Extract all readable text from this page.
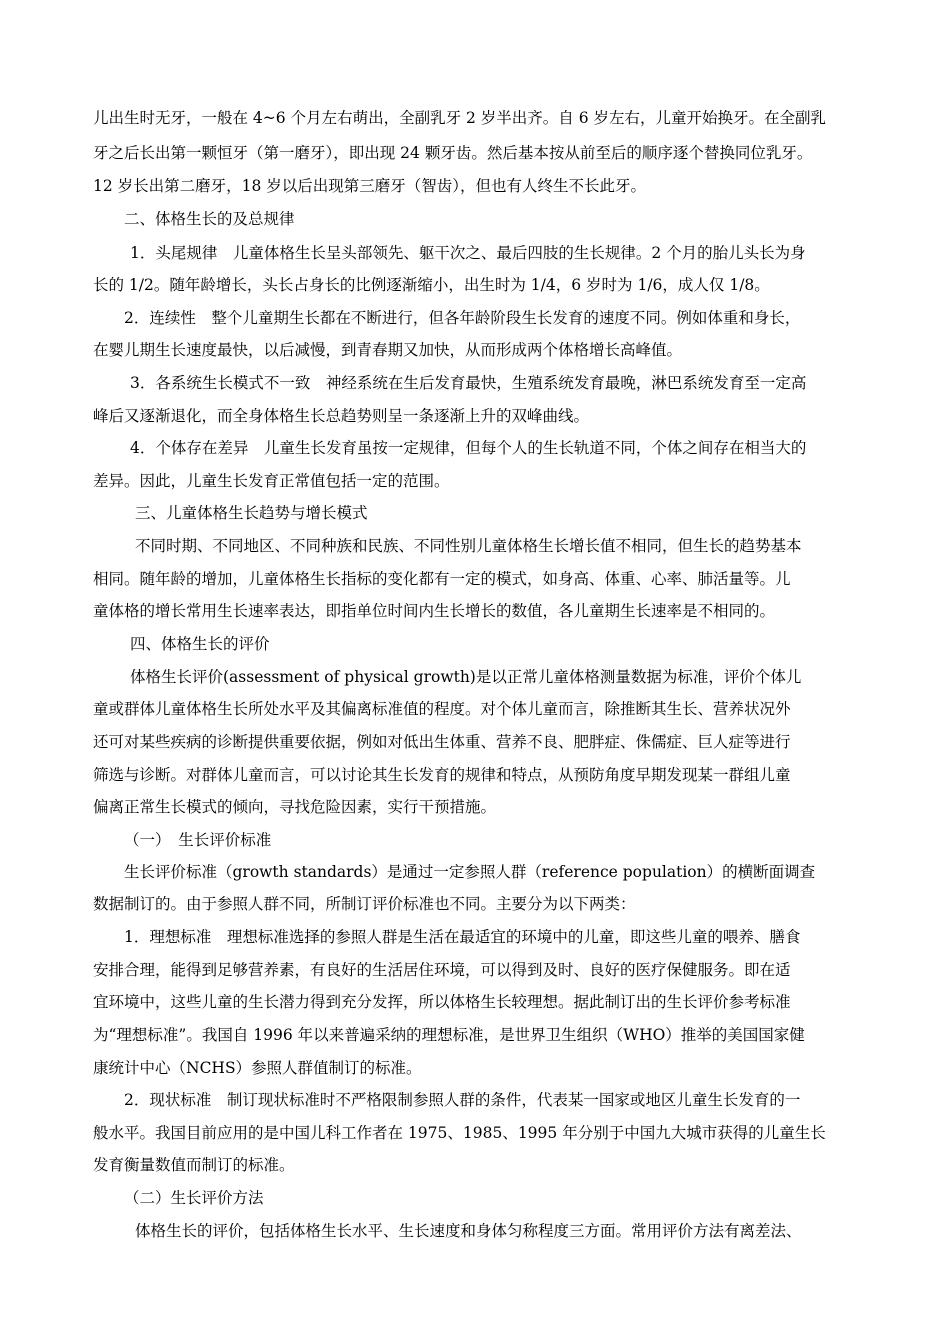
儿出生时无牙，一般在 4~6 个月左右萌出，全副乳牙 2 岁半出齐。自 6 岁左右，儿童开始换牙。在全副乳
牙之后长出第一颗恒牙（第一磨牙），即出现 24 颗牙齿。然后基本按从前至后的顺序逐个替换同位乳牙。
12 岁长出第二磨牙，18 岁以后出现第三磨牙（智齿），但也有人终生不长此牙。
二、体格生长的及总规律
1．头尾规律　儿童体格生长呈头部领先、躯干次之、最后四肢的生长规律。2 个月的胎儿头长为身
长的 1/2。随年龄增长，头长占身长的比例逐渐缩小，出生时为 1/4，6 岁时为 1/6，成人仅 1/8。
2．连续性　整个儿童期生长都在不断进行，但各年龄阶段生长发育的速度不同。例如体重和身长，
在婴儿期生长速度最快，以后减慢，到青春期又加快，从而形成两个体格增长高峰值。
3．各系统生长模式不一致　神经系统在生后发育最快，生殖系统发育最晚，淋巴系统发育至一定高
峰后又逐渐退化，而全身体格生长总趋势则呈一条逐渐上升的双峰曲线。
4．个体存在差异　儿童生长发育虽按一定规律，但每个人的生长轨道不同，个体之间存在相当大的
差异。因此，儿童生长发育正常值包括一定的范围。
三、儿童体格生长趋势与增长模式
不同时期、不同地区、不同种族和民族、不同性别儿童体格生长增长值不相同，但生长的趋势基本
相同。随年龄的增加，儿童体格生长指标的变化都有一定的模式，如身高、体重、心率、肺活量等。儿
童体格的增长常用生长速率表达，即指单位时间内生长增长的数值，各儿童期生长速率是不相同的。
四、体格生长的评价
体格生长评价(assessment of physical growth)是以正常儿童体格测量数据为标准，评价个体儿
童或群体儿童体格生长所处水平及其偏离标准值的程度。对个体儿童而言，除推断其生长、营养状况外
还可对某些疾病的诊断提供重要依据，例如对低出生体重、营养不良、肥胖症、侏儒症、巨人症等进行
筛选与诊断。对群体儿童而言，可以讨论其生长发育的规律和特点，从预防角度早期发现某一群组儿童
偏离正常生长模式的倾向，寻找危险因素，实行干预措施。
（一）　生长评价标准
生长评价标准（growth standards）是通过一定参照人群（reference population）的横断面调查
数据制订的。由于参照人群不同，所制订评价标准也不同。主要分为以下两类：
1．理想标准　理想标准选择的参照人群是生活在最适宜的环境中的儿童，即这些儿童的喂养、膳食
安排合理，能得到足够营养素，有良好的生活居住环境，可以得到及时、良好的医疗保健服务。即在适
宜环境中，这些儿童的生长潜力得到充分发挥，所以体格生长较理想。据此制订出的生长评价参考标准
为“理想标准”。我国自 1996 年以来普遍采纳的理想标准，是世界卫生组织（WHO）推举的美国国家健
康统计中心（NCHS）参照人群值制订的标准。
2．现状标准　制订现状标准时不严格限制参照人群的条件，代表某一国家或地区儿童生长发育的一
般水平。我国目前应用的是中国儿科工作者在 1975、1985、1995 年分别于中国九大城市获得的儿童生长
发育衡量数值而制订的标准。
（二）生长评价方法
体格生长的评价，包括体格生长水平、生长速度和身体匀称程度三方面。常用评价方法有离差法、
